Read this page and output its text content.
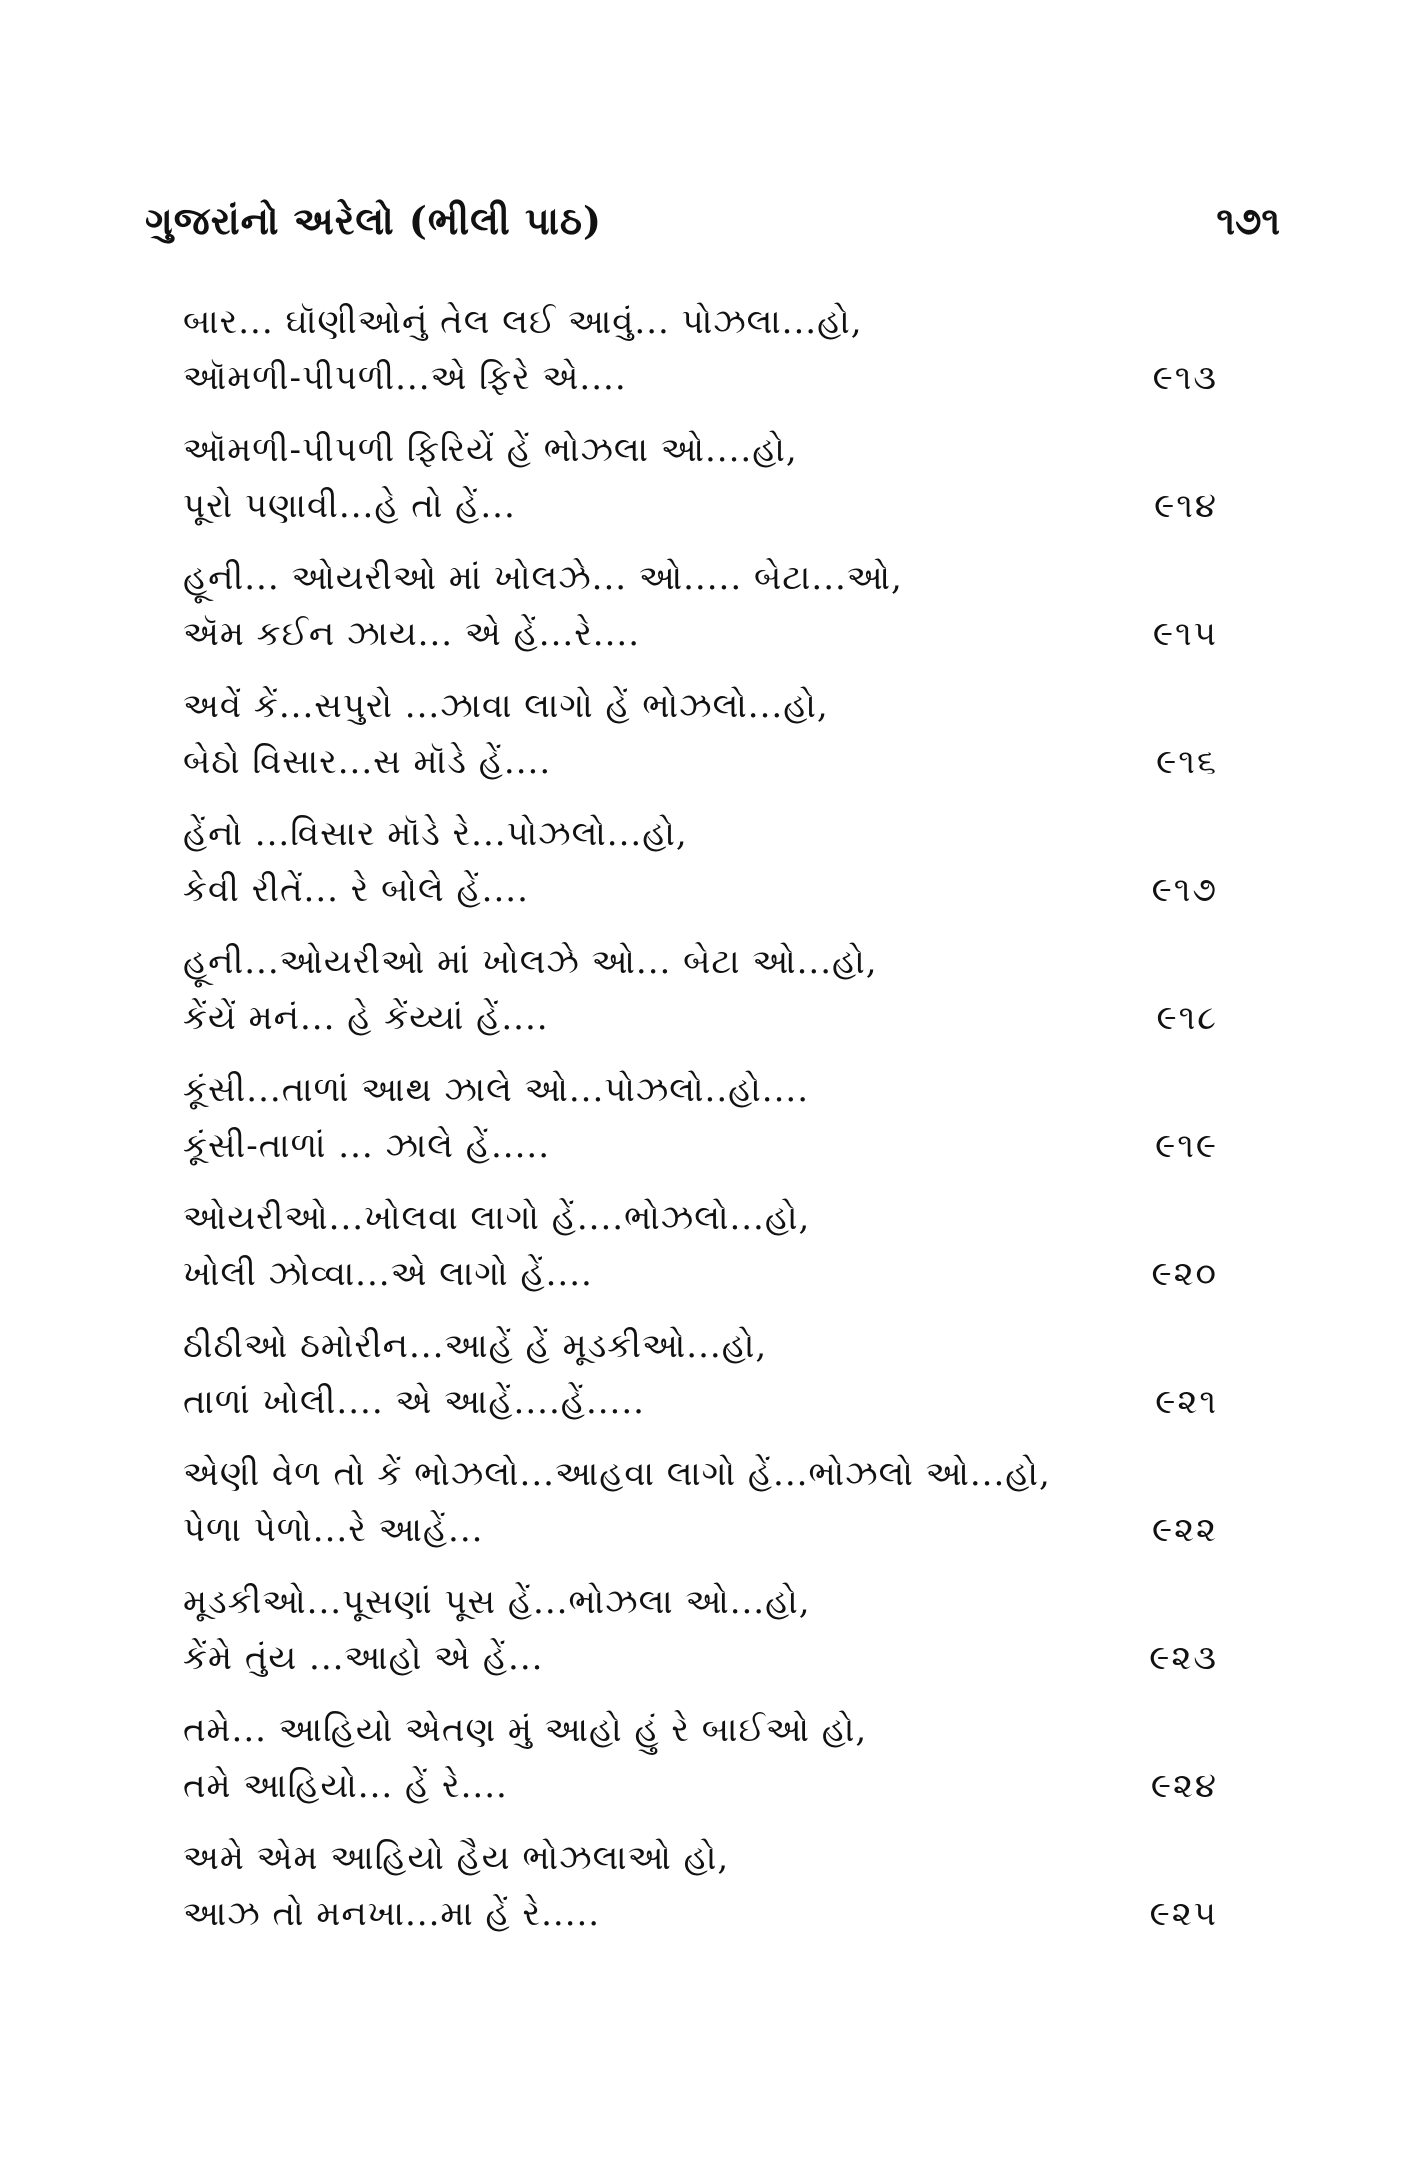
ગુજરાંનો અરેલો (ભીલી પાઠ)	૧૭૧
બાર... ઘૉણીઓનું તેલ લઈ આવું... પોઝલા...હો,
ઑમળી-પીપળી...એ ફિરે એ....	૯૧૩
ઑમળી-પીપળી ફિરિયેં હેં ભોઝલા ઓ....હો,
પૂરો પણાવી...હે તો હેં...	૯૧૪
હૂની... ઓયરીઓ માં ખોલઝે... ઓ..... બેટા...ઓ,
ઍમ કઈન ઝાય... એ હેં...રે....	૯૧૫
અવેં કેં...સપુરો ...ઝાવા લાગો હેં ભોઝલો...હો,
બેઠો વિસાર...સ મૉડે હેં....	૯૧૬
હેંનો ...વિસાર મૉડે રે...પોઝલો...હો,
કેવી રીતેં... રે બોલે હેં....	૯૧૭
હૂની...ઓયરીઓ માં ખોલઝે ઓ... બેટા ઓ...હો,
કેંયેં મનં... હે કેંય્યાં હેં....	૯૧૮
કૂંસી...તાળાં આથ ઝાલે ઓ...પોઝલો..હો....
કૂંસી-તાળાં ... ઝાલે હેં.....	૯૧૯
ઓયરીઓ...ખોલવા લાગો હેં....ભોઝલો...હો,
ખોલી ઝોવ્વા...એ લાગો હેં....	૯૨૦
ઠીઠીઓ ઠમોરીન...આહેં હેં મૂડકીઓ...હો,
તાળાં ખોલી.... એ આહેં....હેં.....	૯૨૧
એણી વેળ તો કેં ભોઝલો...આહવા લાગો હેં...ભોઝલો ઓ...હો,
પેળા પેળો...રે આહેં...	૯૨૨
મૂડકીઓ...પૂસણાં પૂસ હેં...ભોઝલા ઓ...હો,
કેંમે તુંય ...આહો એ હેં...	૯૨૩
તમે... આહિયો એતણ મું આહો હું રે બાઈઓ હો,
તમે આહિયો... હેં રે....	૯૨૪
અમે એમ આહિયો હૈય ભોઝલાઓ હો,
આઝ તો મનખા...મા હેં રે.....	૯૨૫
